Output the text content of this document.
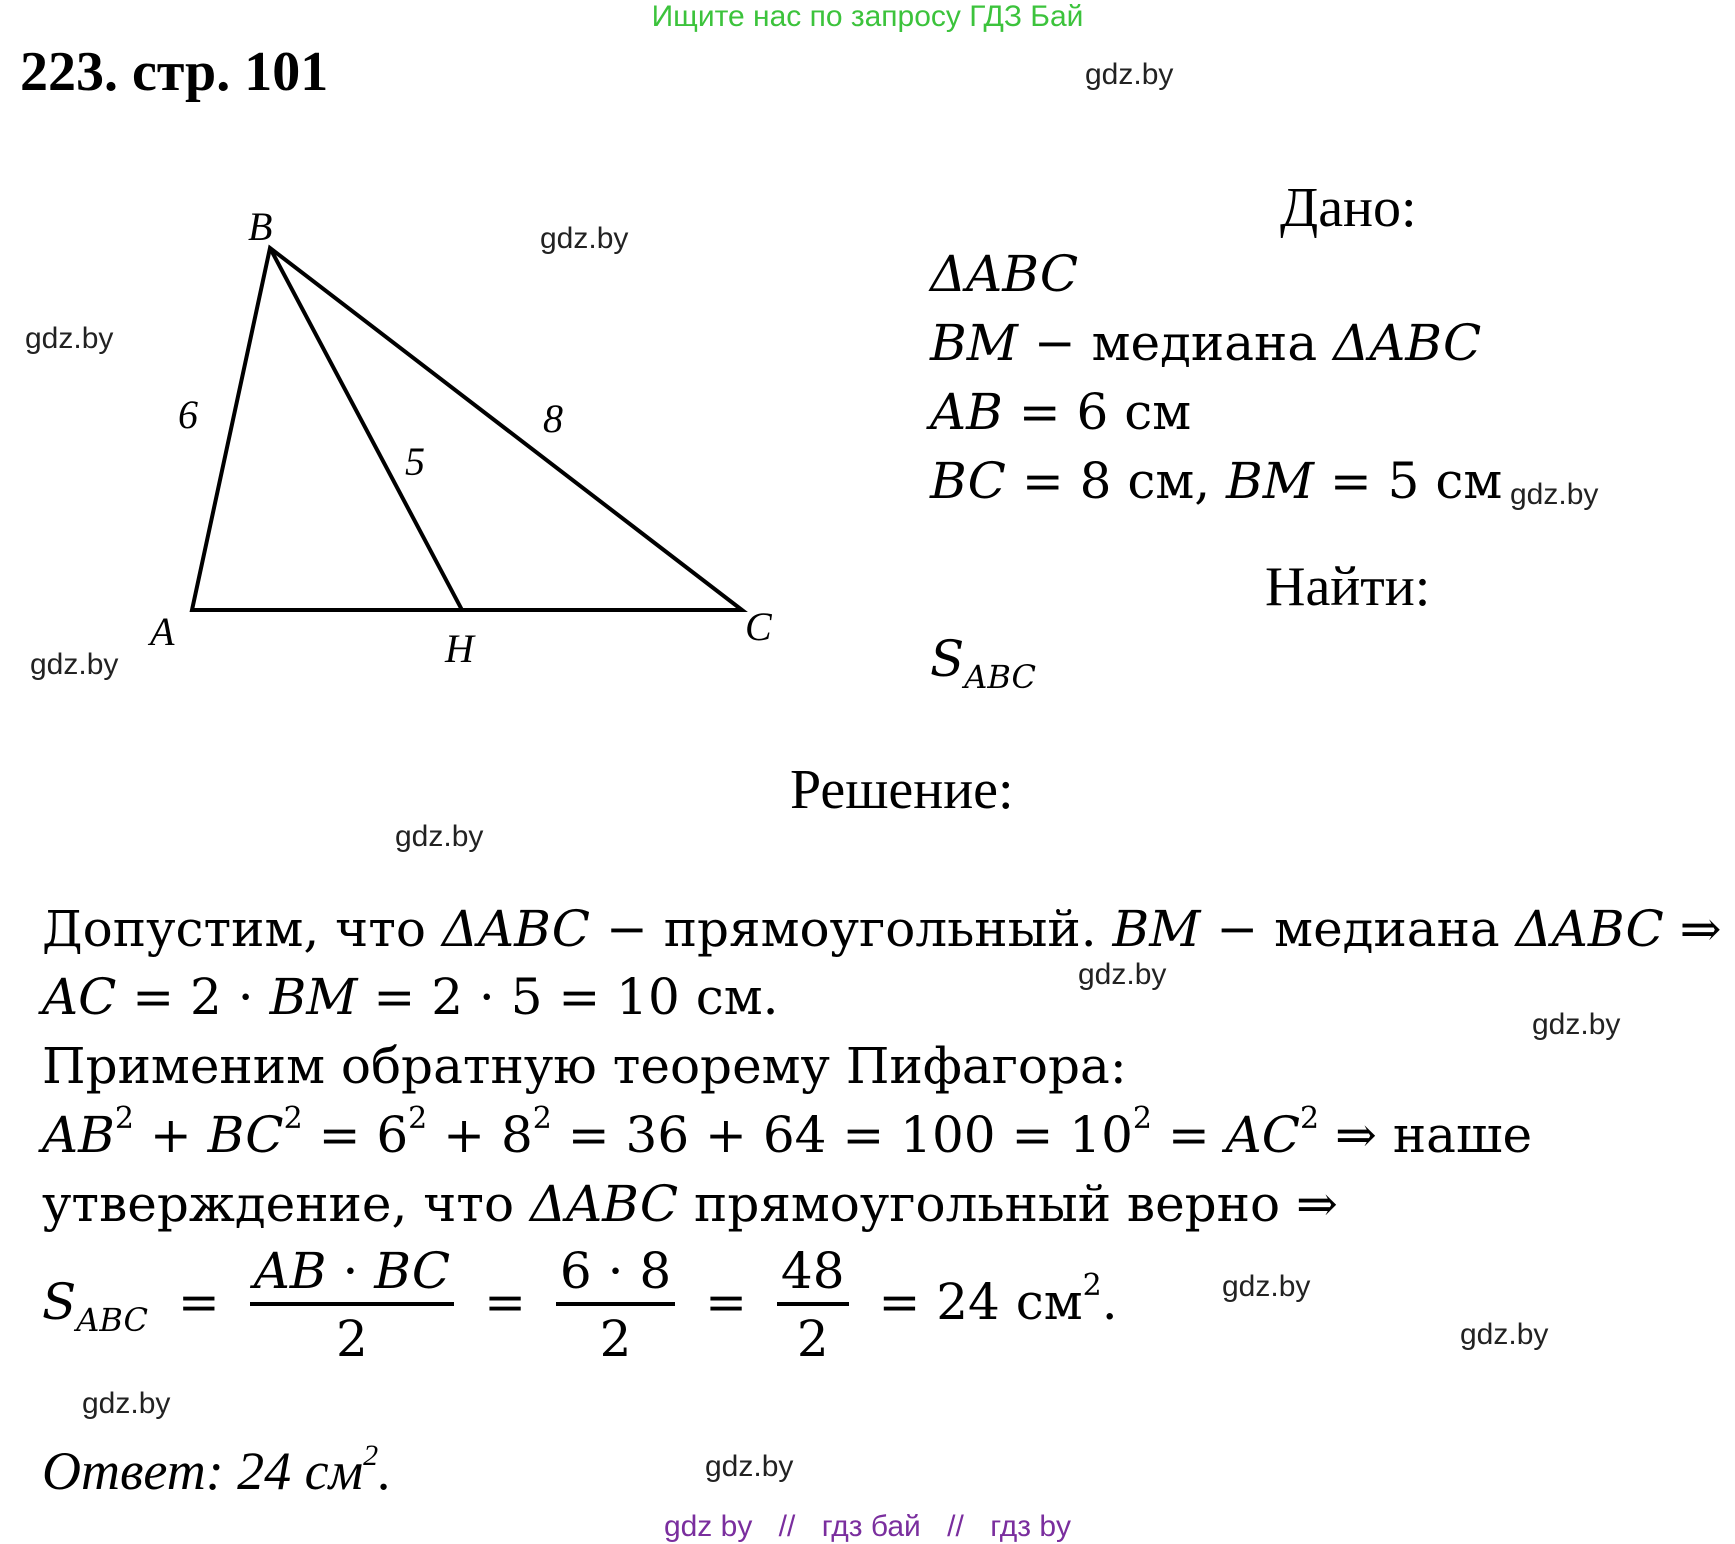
Ищите нас по запросу ГДЗ Бай
223. стр. 101	gdz.by
gdz.by
gdz.by
gdz.by
gdz.by
gdz.by
gdz.by
gdz.by
gdz.by
gdz.by
gdz.by
gdz.by
B
A	C
H
6
5
8
Дано:
ΔABC
BM − медиана ΔABC
AB = 6 см
BC = 8 см, BM = 5 см
Найти:
$S_{ABC}$
Решение:
Допустим, что ΔABC − прямоугольный. BM − медиана ΔABC ⇒
AC = 2 · BM = 2 · 5 = 10 см.
Применим обратную теорему Пифагора:
$AB^2 + BC^2 = 6^2 + 8^2 = 36 + 64 = 100 = 10^2 = AC^2$ ⇒ наше
утверждение, что ΔABC прямоугольный верно ⇒
$S_{ABC} = \frac{AB \cdot BC}{2} = \frac{6 \cdot 8}{2} = \frac{48}{2} = 24$ $см^2$.
Ответ: 24 $см^2$.
gdz by // гдз бай // гдз by
